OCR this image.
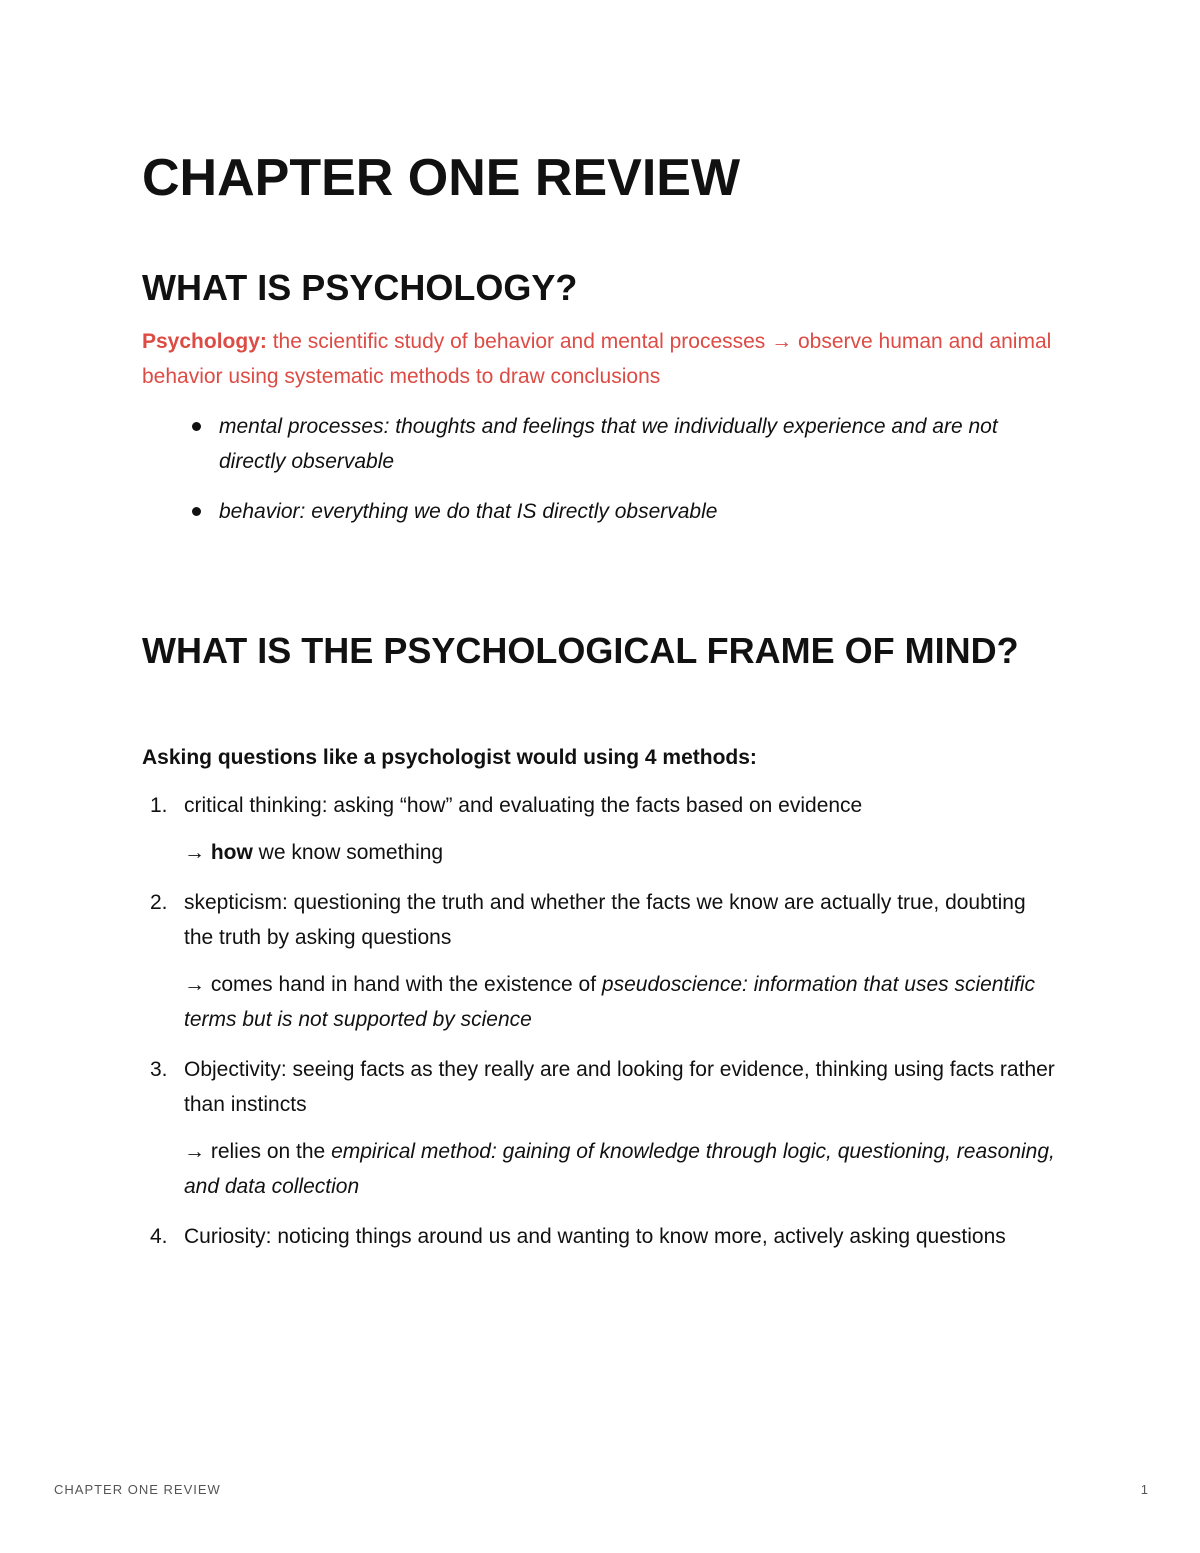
CHAPTER ONE REVIEW
WHAT IS PSYCHOLOGY?

Psychology: the scientific study of behavior and mental processes → observe human and animal behavior using systematic methods to draw conclusions

mental processes: thoughts and feelings that we individually experience and are not directly observable
behavior: everything we do that IS directly observable
WHAT IS THE PSYCHOLOGICAL FRAME OF MIND?

Asking questions like a psychologist would using 4 methods:

1. critical thinking: asking “how” and evaluating the facts based on evidence
→ how we know something
2. skepticism: questioning the truth and whether the facts we know are actually true, doubting the truth by asking questions
→ comes hand in hand with the existence of pseudoscience: information that uses scientific terms but is not supported by science
3. Objectivity: seeing facts as they really are and looking for evidence, thinking using facts rather than instincts
→ relies on the empirical method: gaining of knowledge through logic, questioning, reasoning, and data collection
4. Curiosity: noticing things around us and wanting to know more, actively asking questions
CHAPTER ONE REVIEW	1
